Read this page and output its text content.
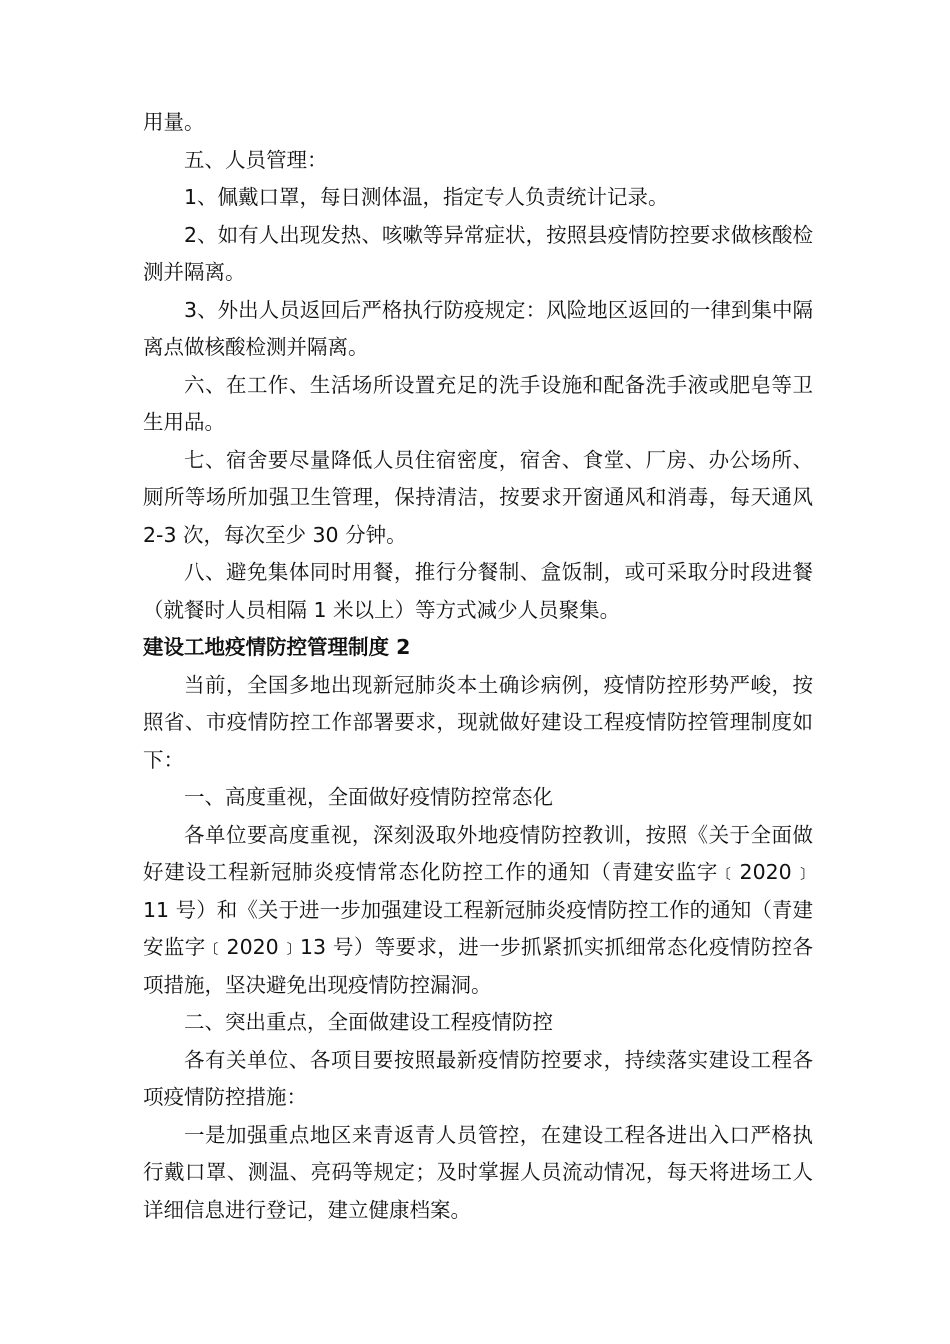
用量。

五、人员管理：

1、佩戴口罩，每日测体温，指定专人负责统计记录。

2、如有人出现发热、咳嗽等异常症状，按照县疫情防控要求做核酸检测并隔离。

3、外出人员返回后严格执行防疫规定：风险地区返回的一律到集中隔离点做核酸检测并隔离。

六、在工作、生活场所设置充足的洗手设施和配备洗手液或肥皂等卫生用品。

七、宿舍要尽量降低人员住宿密度，宿舍、食堂、厂房、办公场所、厕所等场所加强卫生管理，保持清洁，按要求开窗通风和消毒，每天通风 2-3 次，每次至少 30 分钟。

八、避免集体同时用餐，推行分餐制、盒饭制，或可采取分时段进餐（就餐时人员相隔 1 米以上）等方式减少人员聚集。

建设工地疫情防控管理制度 2

当前，全国多地出现新冠肺炎本土确诊病例，疫情防控形势严峻，按照省、市疫情防控工作部署要求，现就做好建设工程疫情防控管理制度如下：

一、高度重视，全面做好疫情防控常态化

各单位要高度重视，深刻汲取外地疫情防控教训，按照《关于全面做好建设工程新冠肺炎疫情常态化防控工作的通知（青建安监字﹝2020﹞11 号）和《关于进一步加强建设工程新冠肺炎疫情防控工作的通知（青建安监字﹝2020﹞13 号）等要求，进一步抓紧抓实抓细常态化疫情防控各项措施，坚决避免出现疫情防控漏洞。

二、突出重点，全面做建设工程疫情防控

各有关单位、各项目要按照最新疫情防控要求，持续落实建设工程各项疫情防控措施：

一是加强重点地区来青返青人员管控，在建设工程各进出入口严格执行戴口罩、测温、亮码等规定；及时掌握人员流动情况，每天将进场工人详细信息进行登记，建立健康档案。
